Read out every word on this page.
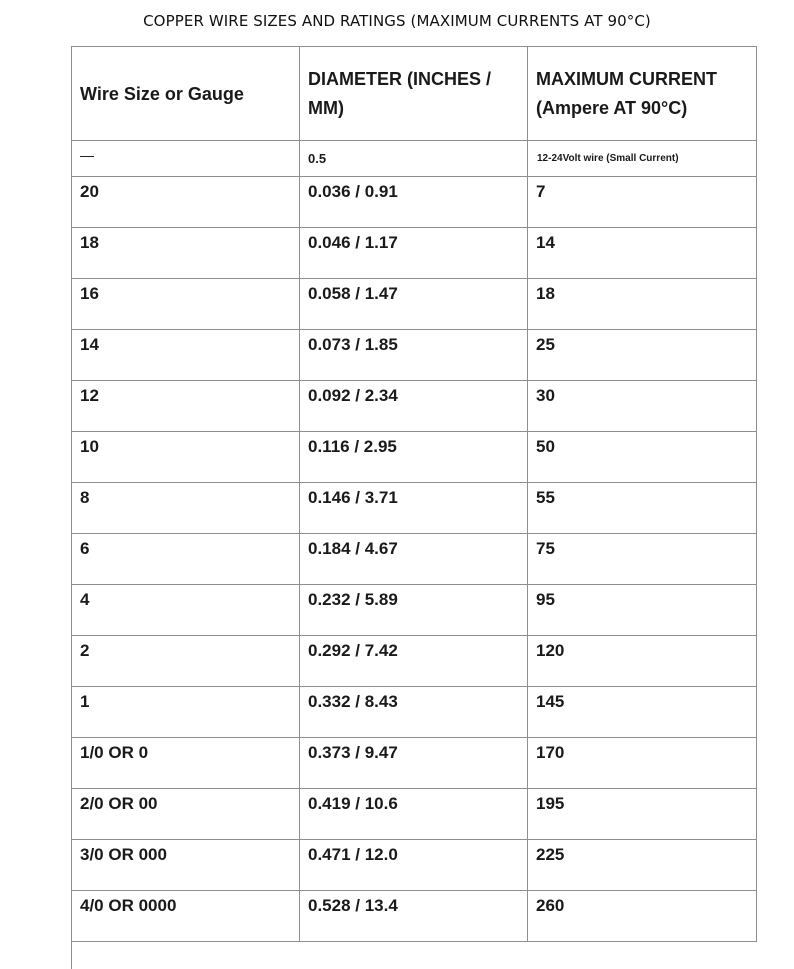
COPPER WIRE SIZES AND RATINGS (MAXIMUM CURRENTS AT 90°C)
Wire Size or Gauge	DIAMETER (INCHES / MM)	MAXIMUM CURRENT (Ampere AT 90°C)
	0.5	12-24Volt wire (Small Current)
20	0.036 / 0.91	7
18	0.046 / 1.17	14
16	0.058 / 1.47	18
14	0.073 / 1.85	25
12	0.092 / 2.34	30
10	0.116 / 2.95	50
8	0.146 / 3.71	55
6	0.184 / 4.67	75
4	0.232 / 5.89	95
2	0.292 / 7.42	120
1	0.332 / 8.43	145
1/0 OR 0	0.373 / 9.47	170
2/0 OR 00	0.419 / 10.6	195
3/0 OR 000	0.471 / 12.0	225
4/0 OR 0000	0.528 / 13.4	260
